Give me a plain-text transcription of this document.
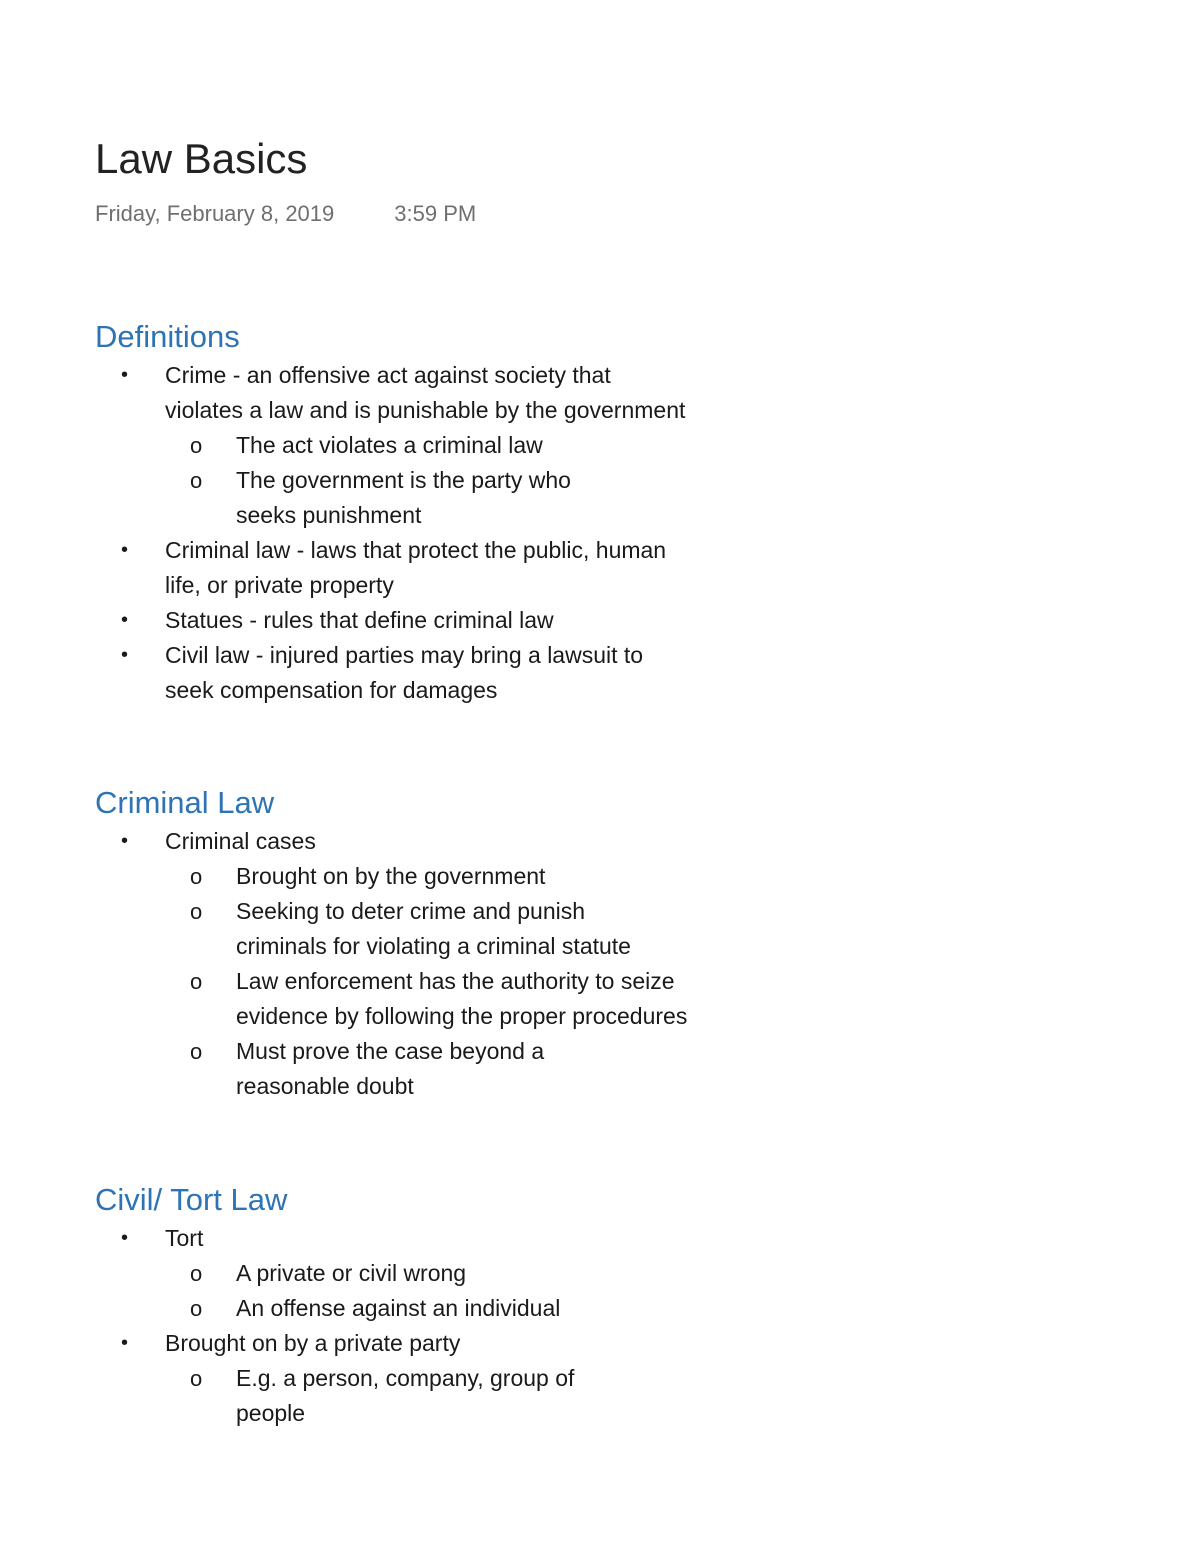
Law Basics
Friday, February 8, 2019	3:59 PM
Definitions
• Crime - an offensive act against society that violates a law and is punishable by the government
o The act violates a criminal law
o The government is the party who seeks punishment
• Criminal law - laws that protect the public, human life, or private property
• Statues - rules that define criminal law
• Civil law - injured parties may bring a lawsuit to seek compensation for damages
Criminal Law
• Criminal cases
o Brought on by the government
o Seeking to deter crime and punish criminals for violating a criminal statute
o Law enforcement has the authority to seize evidence by following the proper procedures
o Must prove the case beyond a reasonable doubt
Civil/ Tort Law
• Tort
o A private or civil wrong
o An offense against an individual
• Brought on by a private party
o E.g. a person, company, group of people
